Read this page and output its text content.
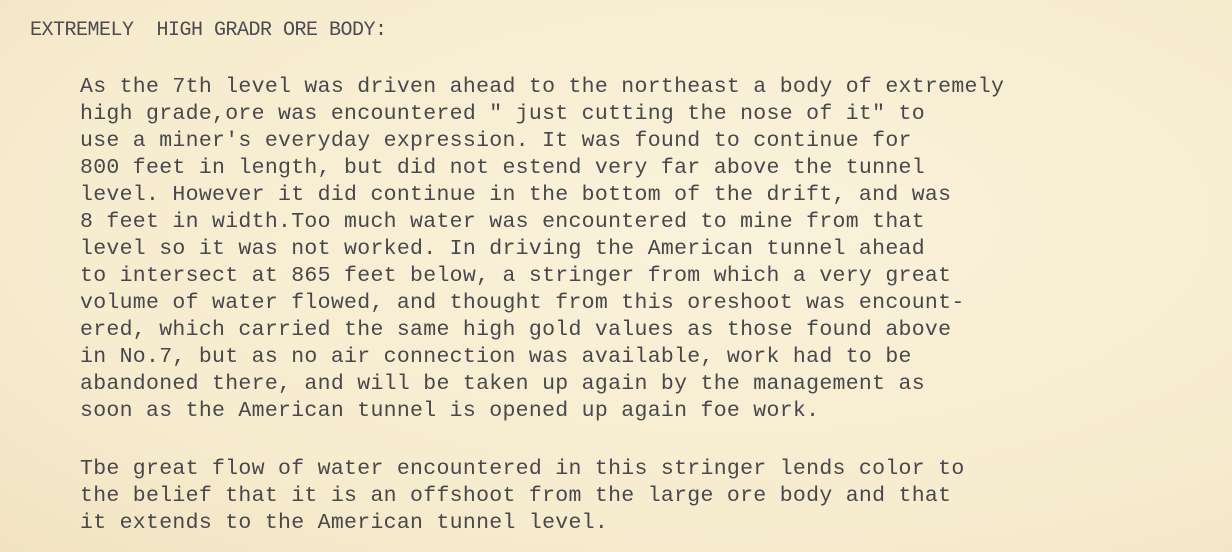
EXTREMELY  HIGH GRADR ORE BODY:
As the 7th level was driven ahead to the northeast a body of extremely
high grade,ore was encountered " just cutting the nose of it" to
use a miner's everyday expression. It was found to continue for
800 feet in length, but did not estend very far above the tunnel
level. However it did continue in the bottom of the drift, and was
8 feet in width.Too much water was encountered to mine from that
level so it was not worked. In driving the American tunnel ahead
to intersect at 865 feet below, a stringer from which a very great
volume of water flowed, and thought from this oreshoot was encount-
ered, which carried the same high gold values as those found above
in No.7, but as no air connection was available, work had to be
abandoned there, and will be taken up again by the management as
soon as the American tunnel is opened up again foe work.
Tbe great flow of water encountered in this stringer lends color to
the belief that it is an offshoot from the large ore body and that
it extends to the American tunnel level.
